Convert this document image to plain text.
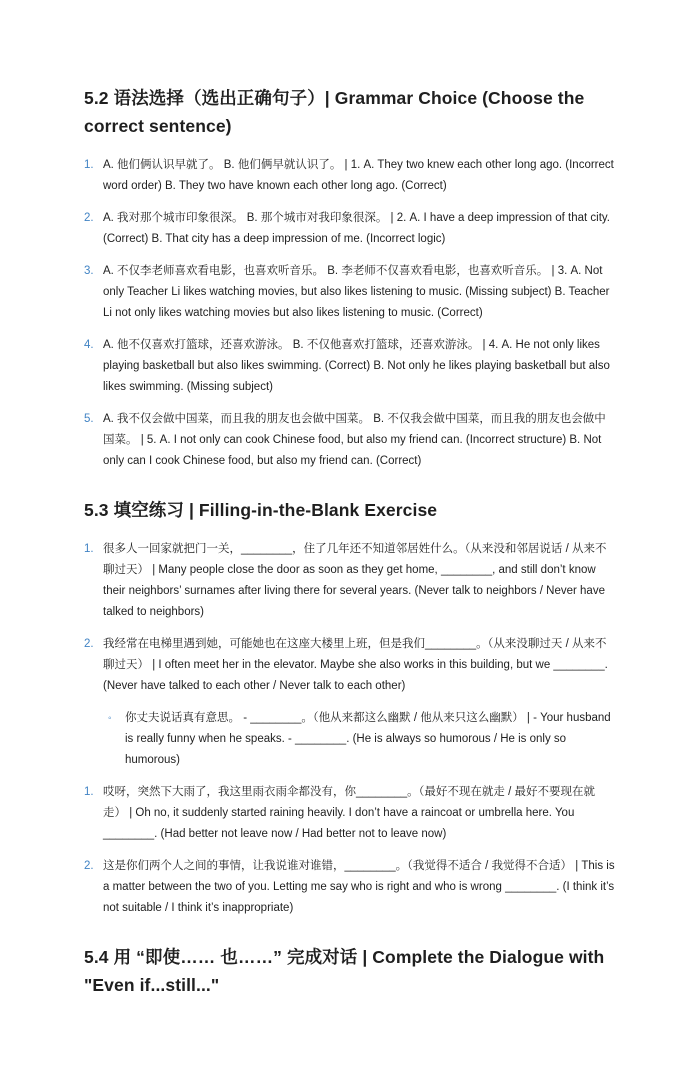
5.2 语法选择（选出正确句子）| Grammar Choice (Choose the correct sentence)
1. A. 他们俩认识早就了。 B. 他们俩早就认识了。 | 1. A. They two knew each other long ago. (Incorrect word order) B. They two have known each other long ago. (Correct)
2. A. 我对那个城市印象很深。 B. 那个城市对我印象很深。 | 2. A. I have a deep impression of that city. (Correct) B. That city has a deep impression of me. (Incorrect logic)
3. A. 不仅李老师喜欢看电影，也喜欢听音乐。 B. 李老师不仅喜欢看电影，也喜欢听音乐。 | 3. A. Not only Teacher Li likes watching movies, but also likes listening to music. (Missing subject) B. Teacher Li not only likes watching movies but also likes listening to music. (Correct)
4. A. 他不仅喜欢打篮球，还喜欢游泳。 B. 不仅他喜欢打篮球，还喜欢游泳。 | 4. A. He not only likes playing basketball but also likes swimming. (Correct) B. Not only he likes playing basketball but also likes swimming. (Missing subject)
5. A. 我不仅会做中国菜，而且我的朋友也会做中国菜。 B. 不仅我会做中国菜，而且我的朋友也会做中国菜。 | 5. A. I not only can cook Chinese food, but also my friend can. (Incorrect structure) B. Not only can I cook Chinese food, but also my friend can. (Correct)
5.3 填空练习 | Filling-in-the-Blank Exercise
1. 很多人一回家就把门一关，________，住了几年还不知道邻居姓什么。（从来没和邻居说话 / 从来不聊过天） | Many people close the door as soon as they get home, ________, and still don’t know their neighbors’ surnames after living there for several years. (Never talk to neighbors / Never have talked to neighbors)
2. 我经常在电梯里遇到她，可能她也在这座大楼里上班，但是我们________。（从来没聊过天 / 从来不聊过天） | I often meet her in the elevator. Maybe she also works in this building, but we ________. (Never have talked to each other / Never talk to each other)
◦	你丈夫说话真有意思。 - ________。（他从来都这么幽默 / 他从来只这么幽默） | - Your husband is really funny when he speaks. - ________. (He is always so humorous / He is only so humorous)
1. 哎呀，突然下大雨了，我这里雨衣雨伞都没有，你________。（最好不现在就走 / 最好不要现在就走） | Oh no, it suddenly started raining heavily. I don’t have a raincoat or umbrella here. You ________. (Had better not leave now / Had better not to leave now)
2. 这是你们两个人之间的事情，让我说谁对谁错，________。（我觉得不适合 / 我觉得不合适） | This is a matter between the two of you. Letting me say who is right and who is wrong ________. (I think it’s not suitable / I think it’s inappropriate)
5.4 用 “即使…… 也……” 完成对话 | Complete the Dialogue with "Even if...still..."
